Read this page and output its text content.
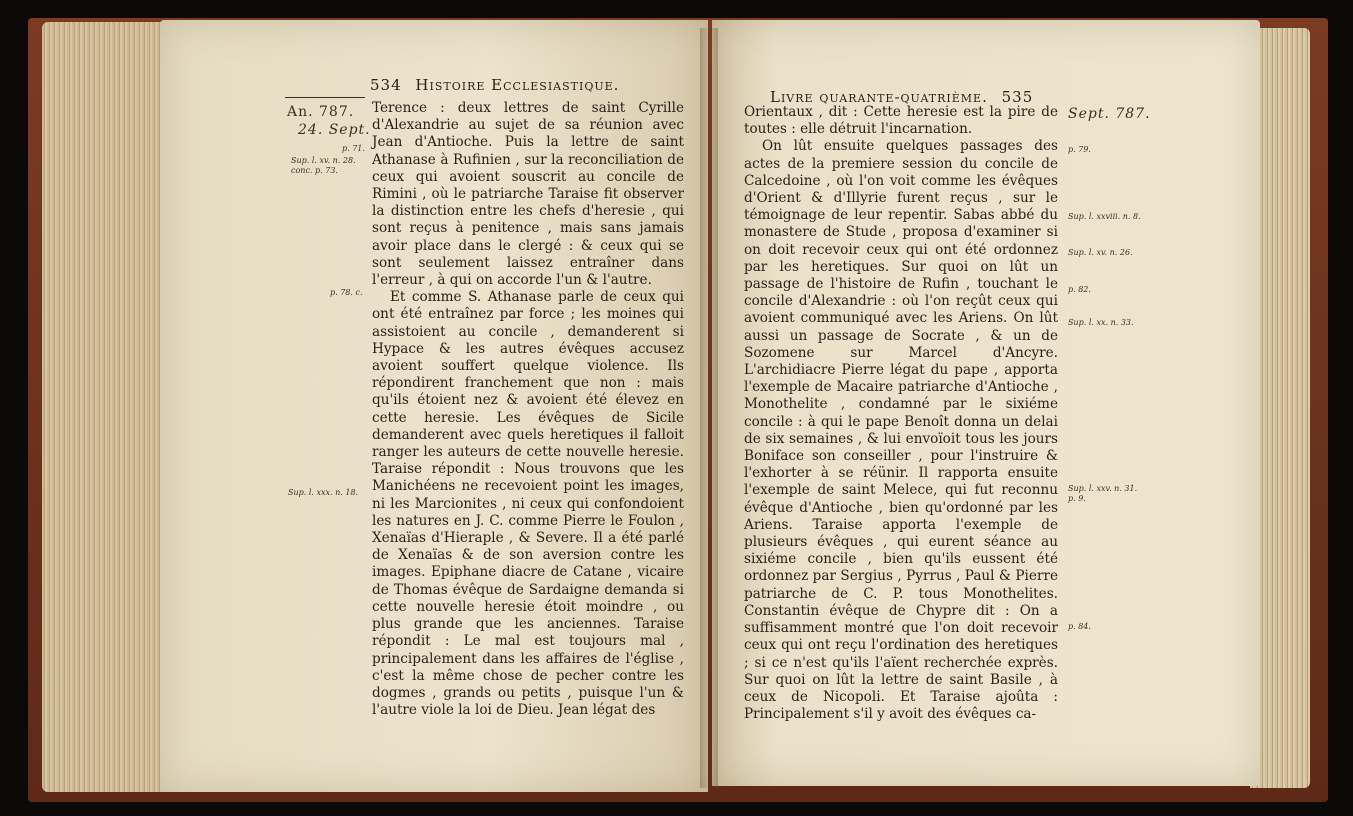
534 Histoire Ecclesiastique.
An. 787.
24. Sept.
p. 71.
Sup. l. xv. n. 28.
conc. p. 73.
p. 78. c.
Sup. l. xxx. n. 18.

Terence : deux lettres de saint Cyrille d'Alexandrie au sujet de sa réunion avec Jean d'Antioche. Puis la lettre de saint Athanase à Rufinien , sur la reconciliation de ceux qui avoient souscrit au concile de Rimini , où le patriarche Taraise fit observer la distinction entre les chefs d'heresie , qui sont reçus à penitence , mais sans jamais avoir place dans le clergé : & ceux qui se sont seulement laissez entraîner dans l'erreur , à qui on accorde l'un & l'autre.

Et comme S. Athanase parle de ceux qui ont été entraînez par force ; les moines qui assistoient au concile , demanderent si Hypace & les autres évêques accusez avoient souffert quelque violence. Ils répondirent franchement que non : mais qu'ils étoient nez & avoient été élevez en cette heresie. Les évêques de Sicile demanderent avec quels heretiques il falloit ranger les auteurs de cette nouvelle heresie. Taraise répondit : Nous trouvons que les Manichéens ne recevoient point les images, ni les Marcionites , ni ceux qui confondoient les natures en J. C. comme Pierre le Foulon , Xenaïas d'Hieraple , & Severe. Il a été parlé de Xenaïas & de son aversion contre les images. Epiphane diacre de Catane , vicaire de Thomas évêque de Sardaigne demanda si cette nouvelle heresie étoit moindre , ou plus grande que les anciennes. Taraise répondit : Le mal est toujours mal , principalement dans les affaires de l'église , c'est la même chose de pecher contre les dogmes , grands ou petits , puisque l'un & l'autre viole la loi de Dieu. Jean légat des

Livre quarante-quatrième. 535
Sept. 787.
p. 79.
Sup. l. xxviii. n. 8.
Sup. l. xv. n. 26.
p. 82.
Sup. l. xx. n. 33.
Sup. l. xxv. n. 31.
p. 9.
p. 84.

Orientaux , dit : Cette heresie est la pire de toutes : elle détruit l'incarnation.

On lût ensuite quelques passages des actes de la premiere session du concile de Calcedoine , où l'on voit comme les évêques d'Orient & d'Illyrie furent reçus , sur le témoignage de leur repentir. Sabas abbé du monastere de Stude , proposa d'examiner si on doit recevoir ceux qui ont été ordonnez par les heretiques. Sur quoi on lût un passage de l'histoire de Rufin , touchant le concile d'Alexandrie : où l'on reçût ceux qui avoient communiqué avec les Ariens. On lût aussi un passage de Socrate , & un de Sozomene sur Marcel d'Ancyre. L'archidiacre Pierre légat du pape , apporta l'exemple de Macaire patriarche d'Antioche , Monothelite , condamné par le sixiéme concile : à qui le pape Benoît donna un delai de six semaines , & lui envoïoit tous les jours Boniface son conseiller , pour l'instruire & l'exhorter à se réünir. Il rapporta ensuite l'exemple de saint Melece, qui fut reconnu évêque d'Antioche , bien qu'ordonné par les Ariens. Taraise apporta l'exemple de plusieurs évêques , qui eurent séance au sixiéme concile , bien qu'ils eussent été ordonnez par Sergius , Pyrrus , Paul & Pierre patriarche de C. P. tous Monothelites. Constantin évêque de Chypre dit : On a suffisamment montré que l'on doit recevoir ceux qui ont reçu l'ordination des heretiques ; si ce n'est qu'ils l'aïent recherchée exprès. Sur quoi on lût la lettre de saint Basile , à ceux de Nicopoli. Et Taraise ajoûta : Principalement s'il y avoit des évêques ca-
